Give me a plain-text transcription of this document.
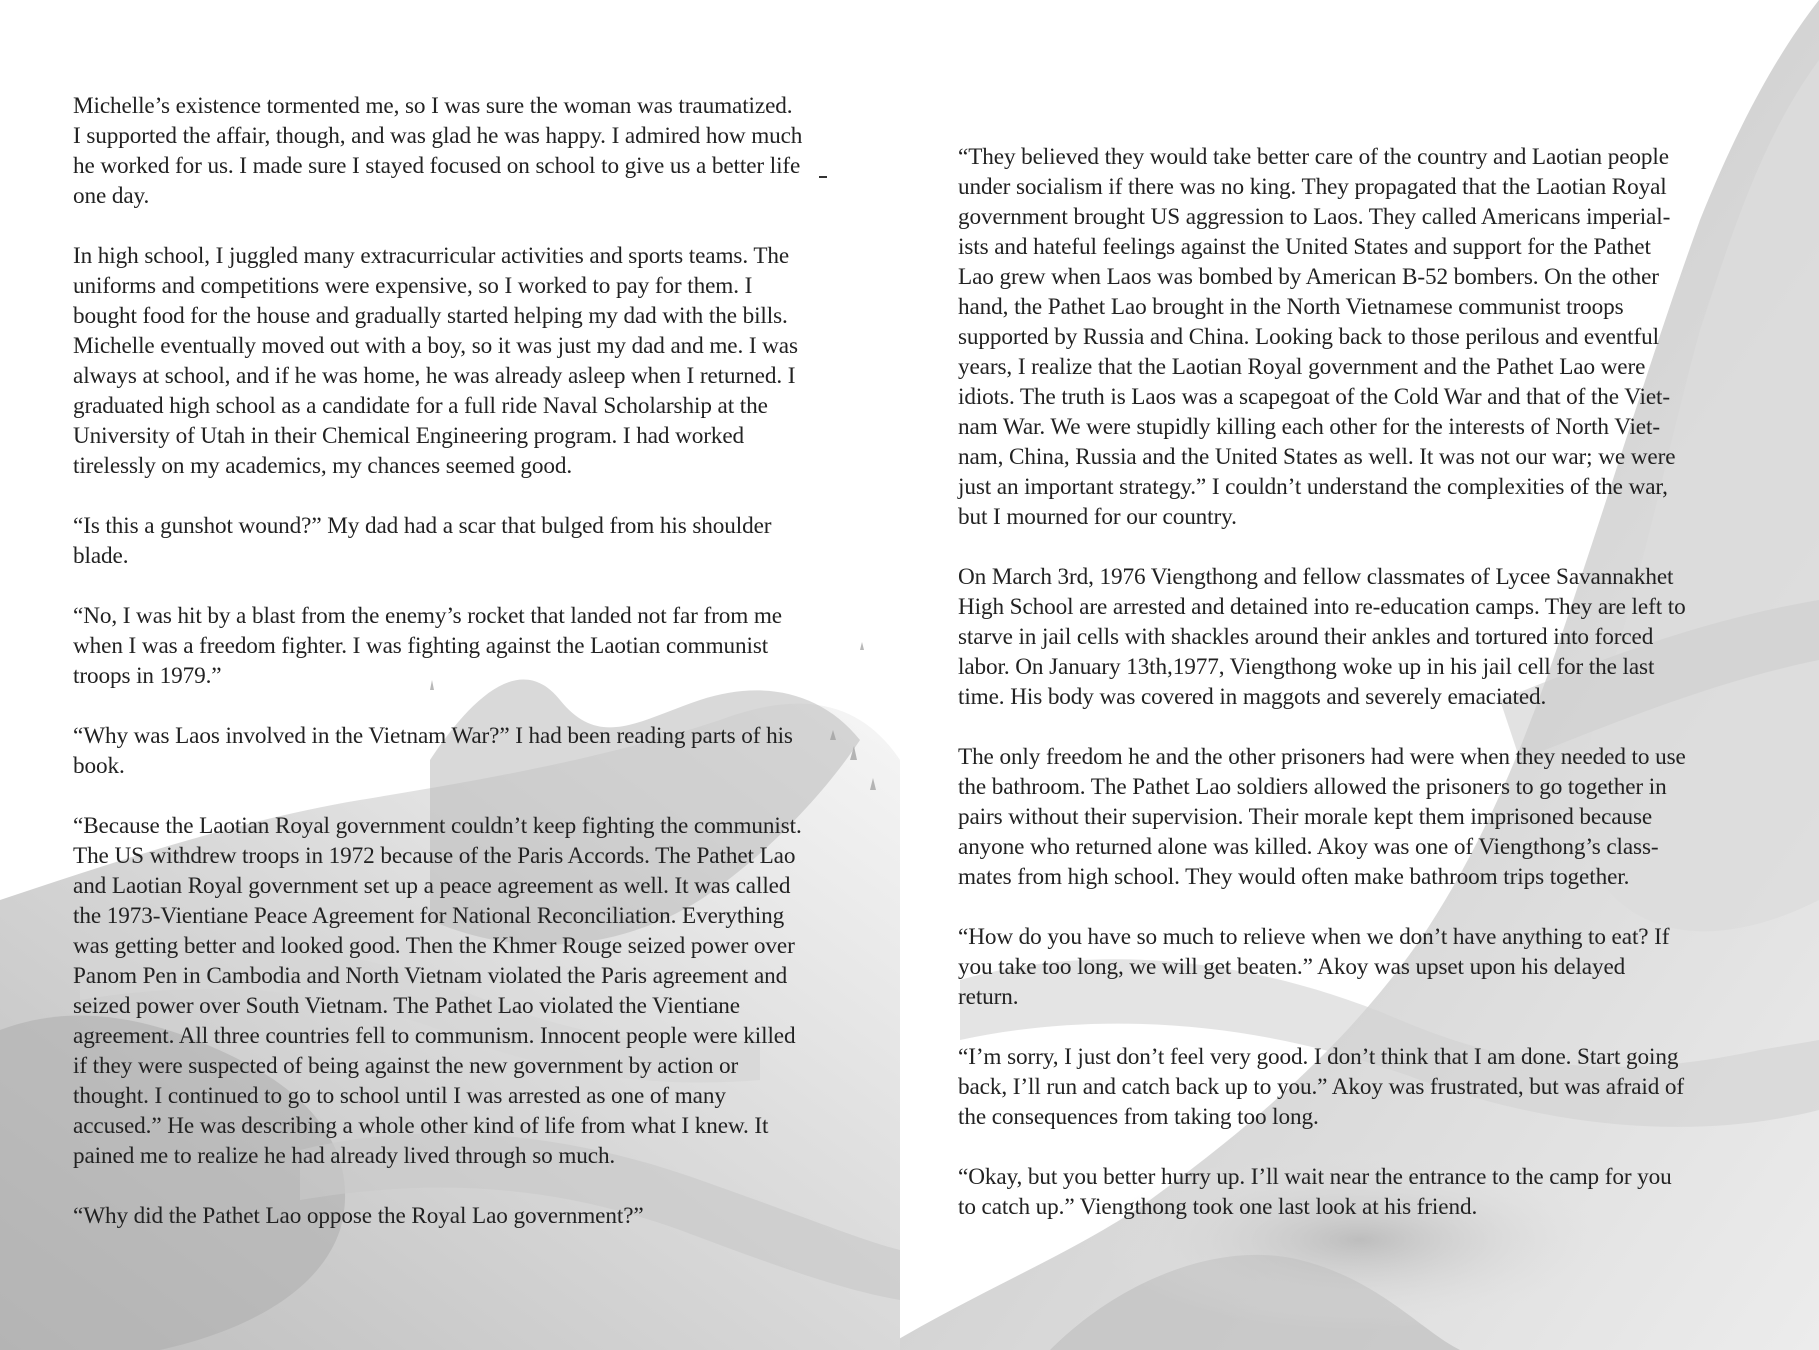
Michelle’s existence tormented me, so I was sure the woman was traumatized.
I supported the affair, though, and was glad he was happy. I admired how much
he worked for us. I made sure I stayed focused on school to give us a better life
one day.

In high school, I juggled many extracurricular activities and sports teams. The
uniforms and competitions were expensive, so I worked to pay for them. I
bought food for the house and gradually started helping my dad with the bills.
Michelle eventually moved out with a boy, so it was just my dad and me. I was
always at school, and if he was home, he was already asleep when I returned. I
graduated high school as a candidate for a full ride Naval Scholarship at the
University of Utah in their Chemical Engineering program. I had worked
tirelessly on my academics, my chances seemed good.

“Is this a gunshot wound?” My dad had a scar that bulged from his shoulder
blade.

“No, I was hit by a blast from the enemy’s rocket that landed not far from me
when I was a freedom fighter. I was fighting against the Laotian communist
troops in 1979.”

“Why was Laos involved in the Vietnam War?” I had been reading parts of his
book.

“Because the Laotian Royal government couldn’t keep fighting the communist.
The US withdrew troops in 1972 because of the Paris Accords. The Pathet Lao
and Laotian Royal government set up a peace agreement as well. It was called
the 1973-Vientiane Peace Agreement for National Reconciliation. Everything
was getting better and looked good. Then the Khmer Rouge seized power over
Panom Pen in Cambodia and North Vietnam violated the Paris agreement and
seized power over South Vietnam. The Pathet Lao violated the Vientiane
agreement. All three countries fell to communism. Innocent people were killed
if they were suspected of being against the new government by action or
thought. I continued to go to school until I was arrested as one of many
accused.” He was describing a whole other kind of life from what I knew. It
pained me to realize he had already lived through so much.

“Why did the Pathet Lao oppose the Royal Lao government?”

“They believed they would take better care of the country and Laotian people
under socialism if there was no king. They propagated that the Laotian Royal
government brought US aggression to Laos. They called Americans imperial-
ists and hateful feelings against the United States and support for the Pathet
Lao grew when Laos was bombed by American B-52 bombers. On the other
hand, the Pathet Lao brought in the North Vietnamese communist troops
supported by Russia and China. Looking back to those perilous and eventful
years, I realize that the Laotian Royal government and the Pathet Lao were
idiots. The truth is Laos was a scapegoat of the Cold War and that of the Viet-
nam War. We were stupidly killing each other for the interests of North Viet-
nam, China, Russia and the United States as well. It was not our war; we were
just an important strategy.” I couldn’t understand the complexities of the war,
but I mourned for our country.

On March 3rd, 1976 Viengthong and fellow classmates of Lycee Savannakhet
High School are arrested and detained into re-education camps. They are left to
starve in jail cells with shackles around their ankles and tortured into forced
labor. On January 13th,1977, Viengthong woke up in his jail cell for the last
time. His body was covered in maggots and severely emaciated.

The only freedom he and the other prisoners had were when they needed to use
the bathroom. The Pathet Lao soldiers allowed the prisoners to go together in
pairs without their supervision. Their morale kept them imprisoned because
anyone who returned alone was killed. Akoy was one of Viengthong’s class-
mates from high school. They would often make bathroom trips together.

“How do you have so much to relieve when we don’t have anything to eat? If
you take too long, we will get beaten.” Akoy was upset upon his delayed
return.

“I’m sorry, I just don’t feel very good. I don’t think that I am done. Start going
back, I’ll run and catch back up to you.” Akoy was frustrated, but was afraid of
the consequences from taking too long.

“Okay, but you better hurry up. I’ll wait near the entrance to the camp for you
to catch up.” Viengthong took one last look at his friend.
